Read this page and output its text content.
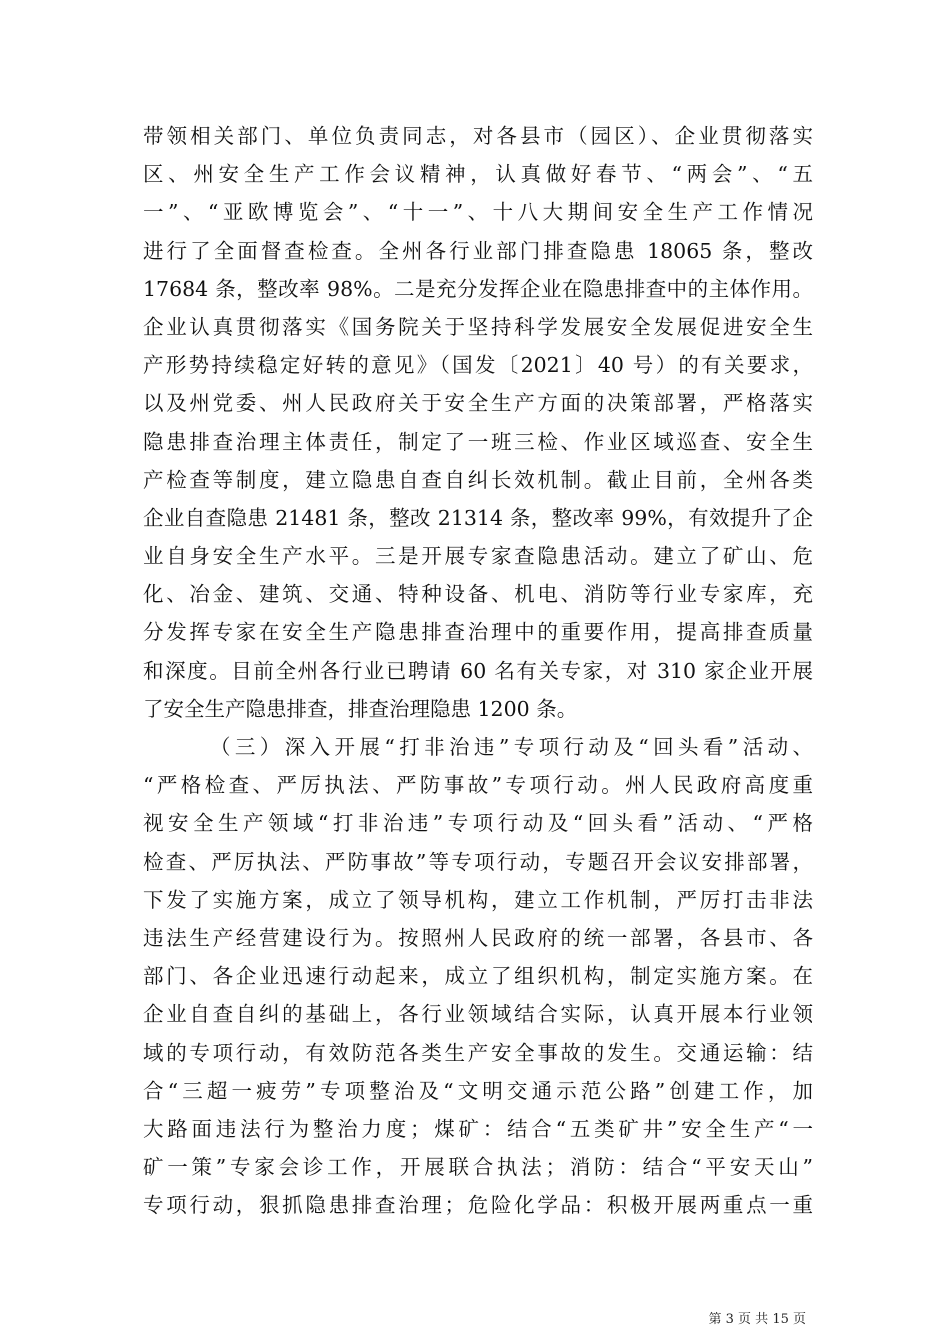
带领相关部门、单位负责同志，对各县市（园区）、企业贯彻落实
区、州安全生产工作会议精神，认真做好春节、“两会”、“五
一”、“亚欧博览会”、“十一”、十八大期间安全生产工作情况
进行了全面督查检查。全州各行业部门排查隐患 18065 条，整改
17684 条，整改率 98%。二是充分发挥企业在隐患排查中的主体作用。
企业认真贯彻落实《国务院关于坚持科学发展安全发展促进安全生
产形势持续稳定好转的意见》（国发〔2021〕40 号）的有关要求，
以及州党委、州人民政府关于安全生产方面的决策部署，严格落实
隐患排查治理主体责任，制定了一班三检、作业区域巡查、安全生
产检查等制度，建立隐患自查自纠长效机制。截止目前，全州各类
企业自查隐患 21481 条，整改 21314 条，整改率 99%，有效提升了企
业自身安全生产水平。三是开展专家查隐患活动。建立了矿山、危
化、冶金、建筑、交通、特种设备、机电、消防等行业专家库，充
分发挥专家在安全生产隐患排查治理中的重要作用，提高排查质量
和深度。目前全州各行业已聘请 60 名有关专家，对 310 家企业开展
了安全生产隐患排查，排查治理隐患 1200 条。
（三）深入开展“打非治违”专项行动及“回头看”活动、
“严格检查、严厉执法、严防事故”专项行动。州人民政府高度重
视安全生产领域“打非治违”专项行动及“回头看”活动、“严格
检查、严厉执法、严防事故”等专项行动，专题召开会议安排部署，
下发了实施方案，成立了领导机构，建立工作机制，严厉打击非法
违法生产经营建设行为。按照州人民政府的统一部署，各县市、各
部门、各企业迅速行动起来，成立了组织机构，制定实施方案。在
企业自查自纠的基础上，各行业领域结合实际，认真开展本行业领
域的专项行动，有效防范各类生产安全事故的发生。交通运输：结
合“三超一疲劳”专项整治及“文明交通示范公路”创建工作，加
大路面违法行为整治力度；煤矿：结合“五类矿井”安全生产“一
矿一策”专家会诊工作，开展联合执法；消防：结合“平安天山”
专项行动，狠抓隐患排查治理；危险化学品：积极开展两重点一重
第 3 页 共 15 页
